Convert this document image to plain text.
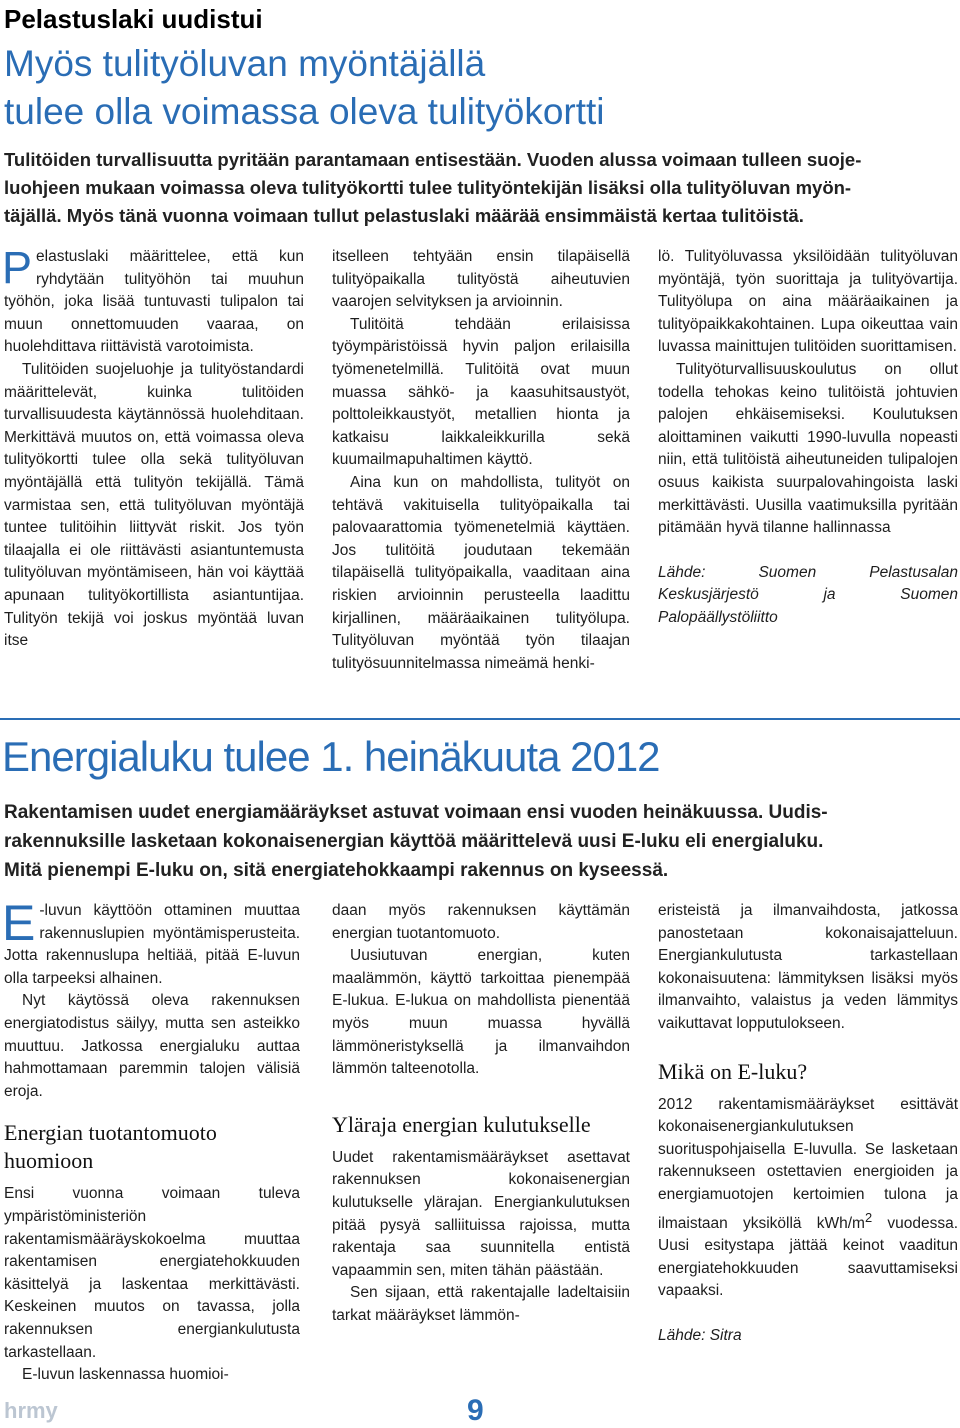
Pelastuslaki uudistui
Myös tulityöluvan myöntäjällä
tulee olla voimassa oleva tulityökortti
Tulitöiden turvallisuutta pyritään parantamaan entisestään. Vuoden alussa voimaan tulleen suoje-
luohjeen mukaan voimassa oleva tulityökortti tulee tulityöntekijän lisäksi olla tulityöluvan myön-
täjällä. Myös tänä vuonna voimaan tullut pelastuslaki määrää ensimmäistä kertaa tulitöistä.

Pelastuslaki määrittelee, että kun ryhdytään tulityöhön tai muuhun työhön, joka lisää tuntuvasti tulipalon tai muun onnettomuuden vaaraa, on huolehdittava riittävistä varotoimista.

Tulitöiden suojeluohje ja tulityöstandardi määrittelevät, kuinka tulitöiden turvallisuudesta käytännössä huolehditaan. Merkittävä muutos on, että voimassa oleva tulityökortti tulee olla sekä tulityöluvan myöntäjällä että tulityön tekijällä. Tämä varmistaa sen, että tulityöluvan myöntäjä tuntee tulitöihin liittyvät riskit. Jos työn tilaajalla ei ole riittävästi asiantuntemusta tulityöluvan myöntämiseen, hän voi käyttää apunaan tulityökortillista asiantuntijaa. Tulityön tekijä voi joskus myöntää luvan itse

itselleen tehtyään ensin tilapäisellä tulityöpaikalla tulityöstä aiheutuvien vaarojen selvityksen ja arvioinnin.

Tulitöitä tehdään erilaisissa työympäristöissä hyvin paljon erilaisilla työmenetelmillä. Tulitöitä ovat muun muassa sähkö- ja kaasuhitsaustyöt, polttoleikkaustyöt, metallien hionta ja katkaisu laikkaleikkurilla sekä kuumailmapuhaltimen käyttö.

Aina kun on mahdollista, tulityöt on tehtävä vakituisella tulityöpaikalla tai palovaarattomia työmenetelmiä käyttäen. Jos tulitöitä joudutaan tekemään tilapäisellä tulityöpaikalla, vaaditaan aina riskien arvioinnin perusteella laadittu kirjallinen, määräaikainen tulityölupa. Tulityöluvan myöntää työn tilaajan tulityösuunnitelmassa nimeämä henki-

lö. Tulityöluvassa yksilöidään tulityöluvan myöntäjä, työn suorittaja ja tulityövartija. Tulityölupa on aina määräaikainen ja tulityöpaikkakohtainen. Lupa oikeuttaa vain luvassa mainittujen tulitöiden suorittamisen.

Tulityöturvallisuuskoulutus on ollut todella tehokas keino tulitöistä johtuvien palojen ehkäisemiseksi. Koulutuksen aloittaminen vaikutti 1990-luvulla nopeasti niin, että tulitöistä aiheutuneiden tulipalojen osuus kaikista suurpalovahingoista laski merkittävästi. Uusilla vaatimuksilla pyritään pitämään hyvä tilanne hallinnassa

Lähde: Suomen Pelastusalan Keskusjärjestö ja Suomen Palopäällystöliitto

Energialuku tulee 1. heinäkuuta 2012
Rakentamisen uudet energiamääräykset astuvat voimaan ensi vuoden heinäkuussa. Uudis-
rakennuksille lasketaan kokonaisenergian käyttöä määrittelevä uusi E-luku eli energialuku.
Mitä pienempi E-luku on, sitä energiatehokkaampi rakennus on kyseessä.

E -luvun käyttöön ottaminen muuttaa rakennuslupien myöntämisperusteita. Jotta rakennuslupa heltiää, pitää E-luvun olla tarpeeksi alhainen.

Nyt käytössä oleva rakennuksen energiatodistus säilyy, mutta sen asteikko muuttuu. Jatkossa energialuku auttaa hahmottamaan paremmin talojen välisiä eroja.

Energian tuotantomuoto huomioon

Ensi vuonna voimaan tuleva ympäristöministeriön rakentamismääräyskokoelma muuttaa rakentamisen energiatehokkuuden käsittelyä ja laskentaa merkittävästi. Keskeinen muutos on tavassa, jolla rakennuksen energiankulutusta tarkastellaan.

E-luvun laskennassa huomioi-

daan myös rakennuksen käyttämän energian tuotantomuoto.

Uusiutuvan energian, kuten maalämmön, käyttö tarkoittaa pienempää E-lukua. E-lukua on mahdollista pienentää myös muun muassa hyvällä lämmöneristyksellä ja ilmanvaihdon lämmön talteenotolla.

Yläraja energian kulutukselle

Uudet rakentamismääräykset asettavat rakennuksen kokonaisenergian kulutukselle ylärajan. Energiankulutuksen pitää pysyä salliituissa rajoissa, mutta rakentaja saa suunnitella entistä vapaammin sen, miten tähän päästään.

Sen sijaan, että rakentajalle ladeltaisiin tarkat määräykset lämmön-

eristeistä ja ilmanvaihdosta, jatkossa panostetaan kokonaisajatteluun. Energiankulutusta tarkastellaan kokonaisuutena: lämmityksen lisäksi myös ilmanvaihto, valaistus ja veden lämmitys vaikuttavat lopputulokseen.

Mikä on E-luku?

2012 rakentamismääräykset esittävät kokonaisenergiankulutuksen suorituspohjaisella E-luvulla. Se lasketaan rakennukseen ostettavien energioiden ja energiamuotojen kertoimien tulona ja ilmaistaan yksiköllä kWh/$m^2$ vuodessa. Uusi esitystapa jättää keinot vaaditun energiatehokkuuden saavuttamiseksi vapaaksi.

Lähde: Sitra

hrmy	9
